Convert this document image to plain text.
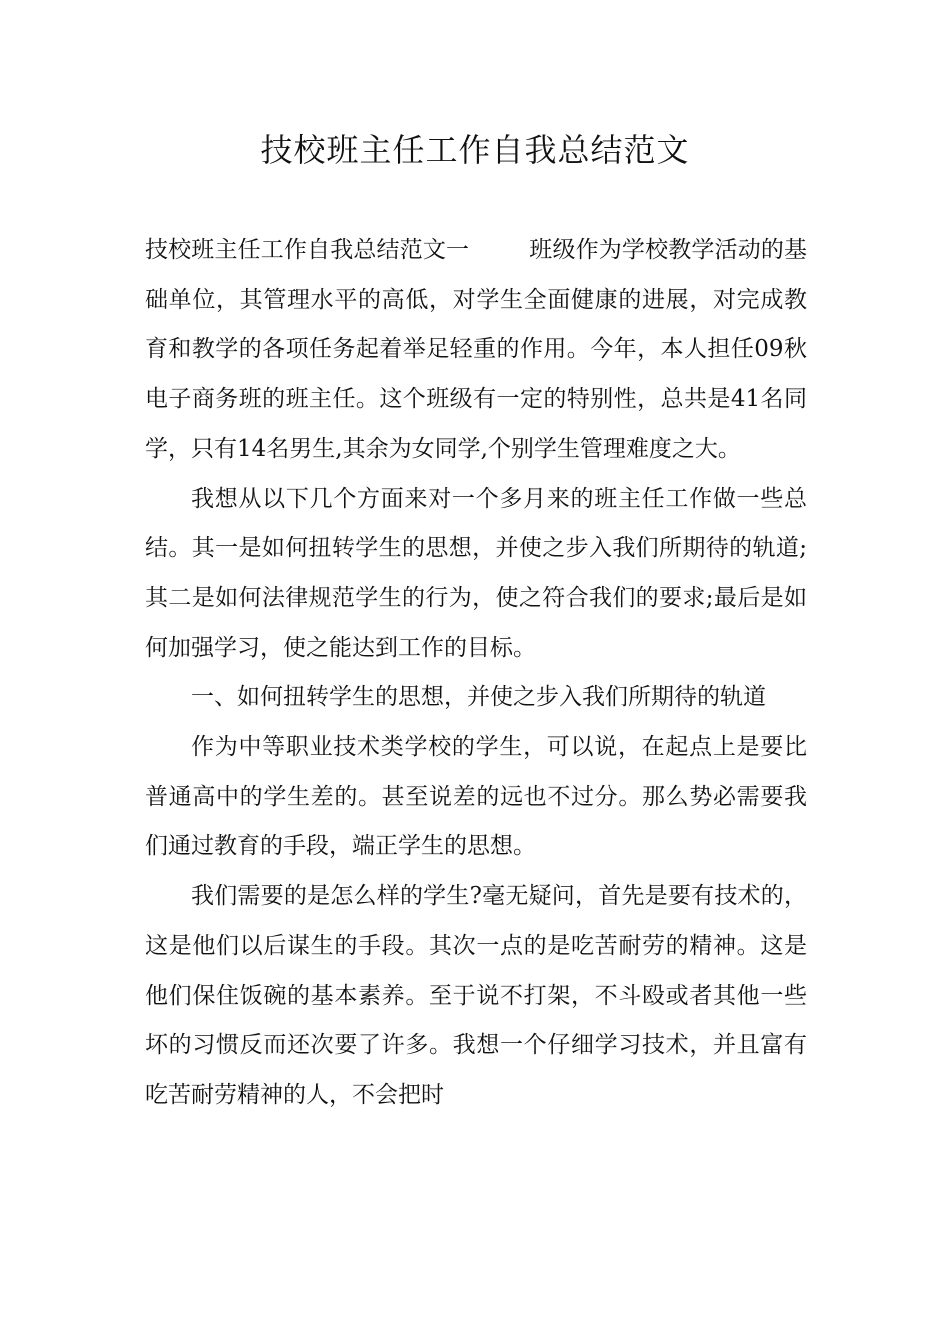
技校班主任工作自我总结范文

技校班主任工作自我总结范文一	班级作为学校教学活动的基础单位，其管理水平的高低，对学生全面健康的进展，对完成教育和教学的各项任务起着举足轻重的作用。今年，本人担任09秋电子商务班的班主任。这个班级有一定的特别性，总共是41名同学，只有14名男生,其余为女同学,个别学生管理难度之大。

我想从以下几个方面来对一个多月来的班主任工作做一些总结。其一是如何扭转学生的思想，并使之步入我们所期待的轨道;其二是如何法律规范学生的行为，使之符合我们的要求;最后是如何加强学习，使之能达到工作的目标。

一、如何扭转学生的思想，并使之步入我们所期待的轨道

作为中等职业技术类学校的学生，可以说，在起点上是要比普通高中的学生差的。甚至说差的远也不过分。那么势必需要我们通过教育的手段，端正学生的思想。

我们需要的是怎么样的学生?毫无疑问，首先是要有技术的，这是他们以后谋生的手段。其次一点的是吃苦耐劳的精神。这是他们保住饭碗的基本素养。至于说不打架，不斗殴或者其他一些坏的习惯反而还次要了许多。我想一个仔细学习技术，并且富有吃苦耐劳精神的人，不会把时
